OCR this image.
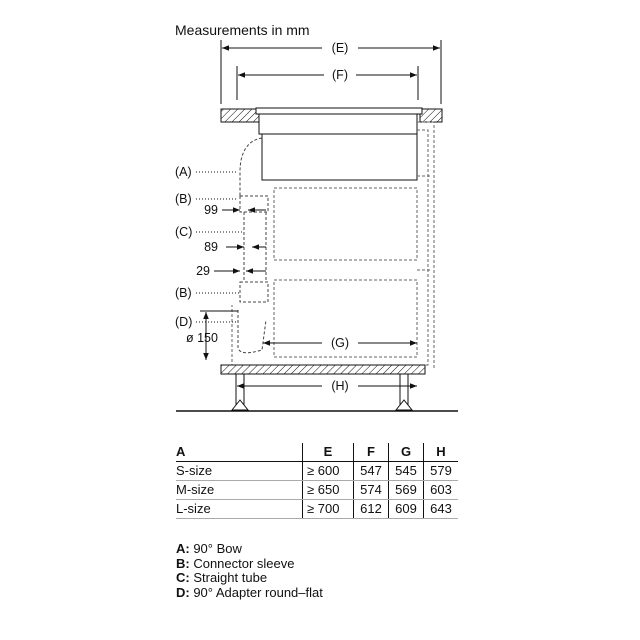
Measurements in mm
(E)
(F)
(G)
(H)
(A)
(B)
99
(C)
89
29
(B)
(D)
ø 150
A	E	F	G	H
S-size	≥ 600	547	545	579
M-size	≥ 650	574	569	603
L-size	≥ 700	612	609	643
A: 90° Bow
B: Connector sleeve
C: Straight tube
D: 90° Adapter round–flat
